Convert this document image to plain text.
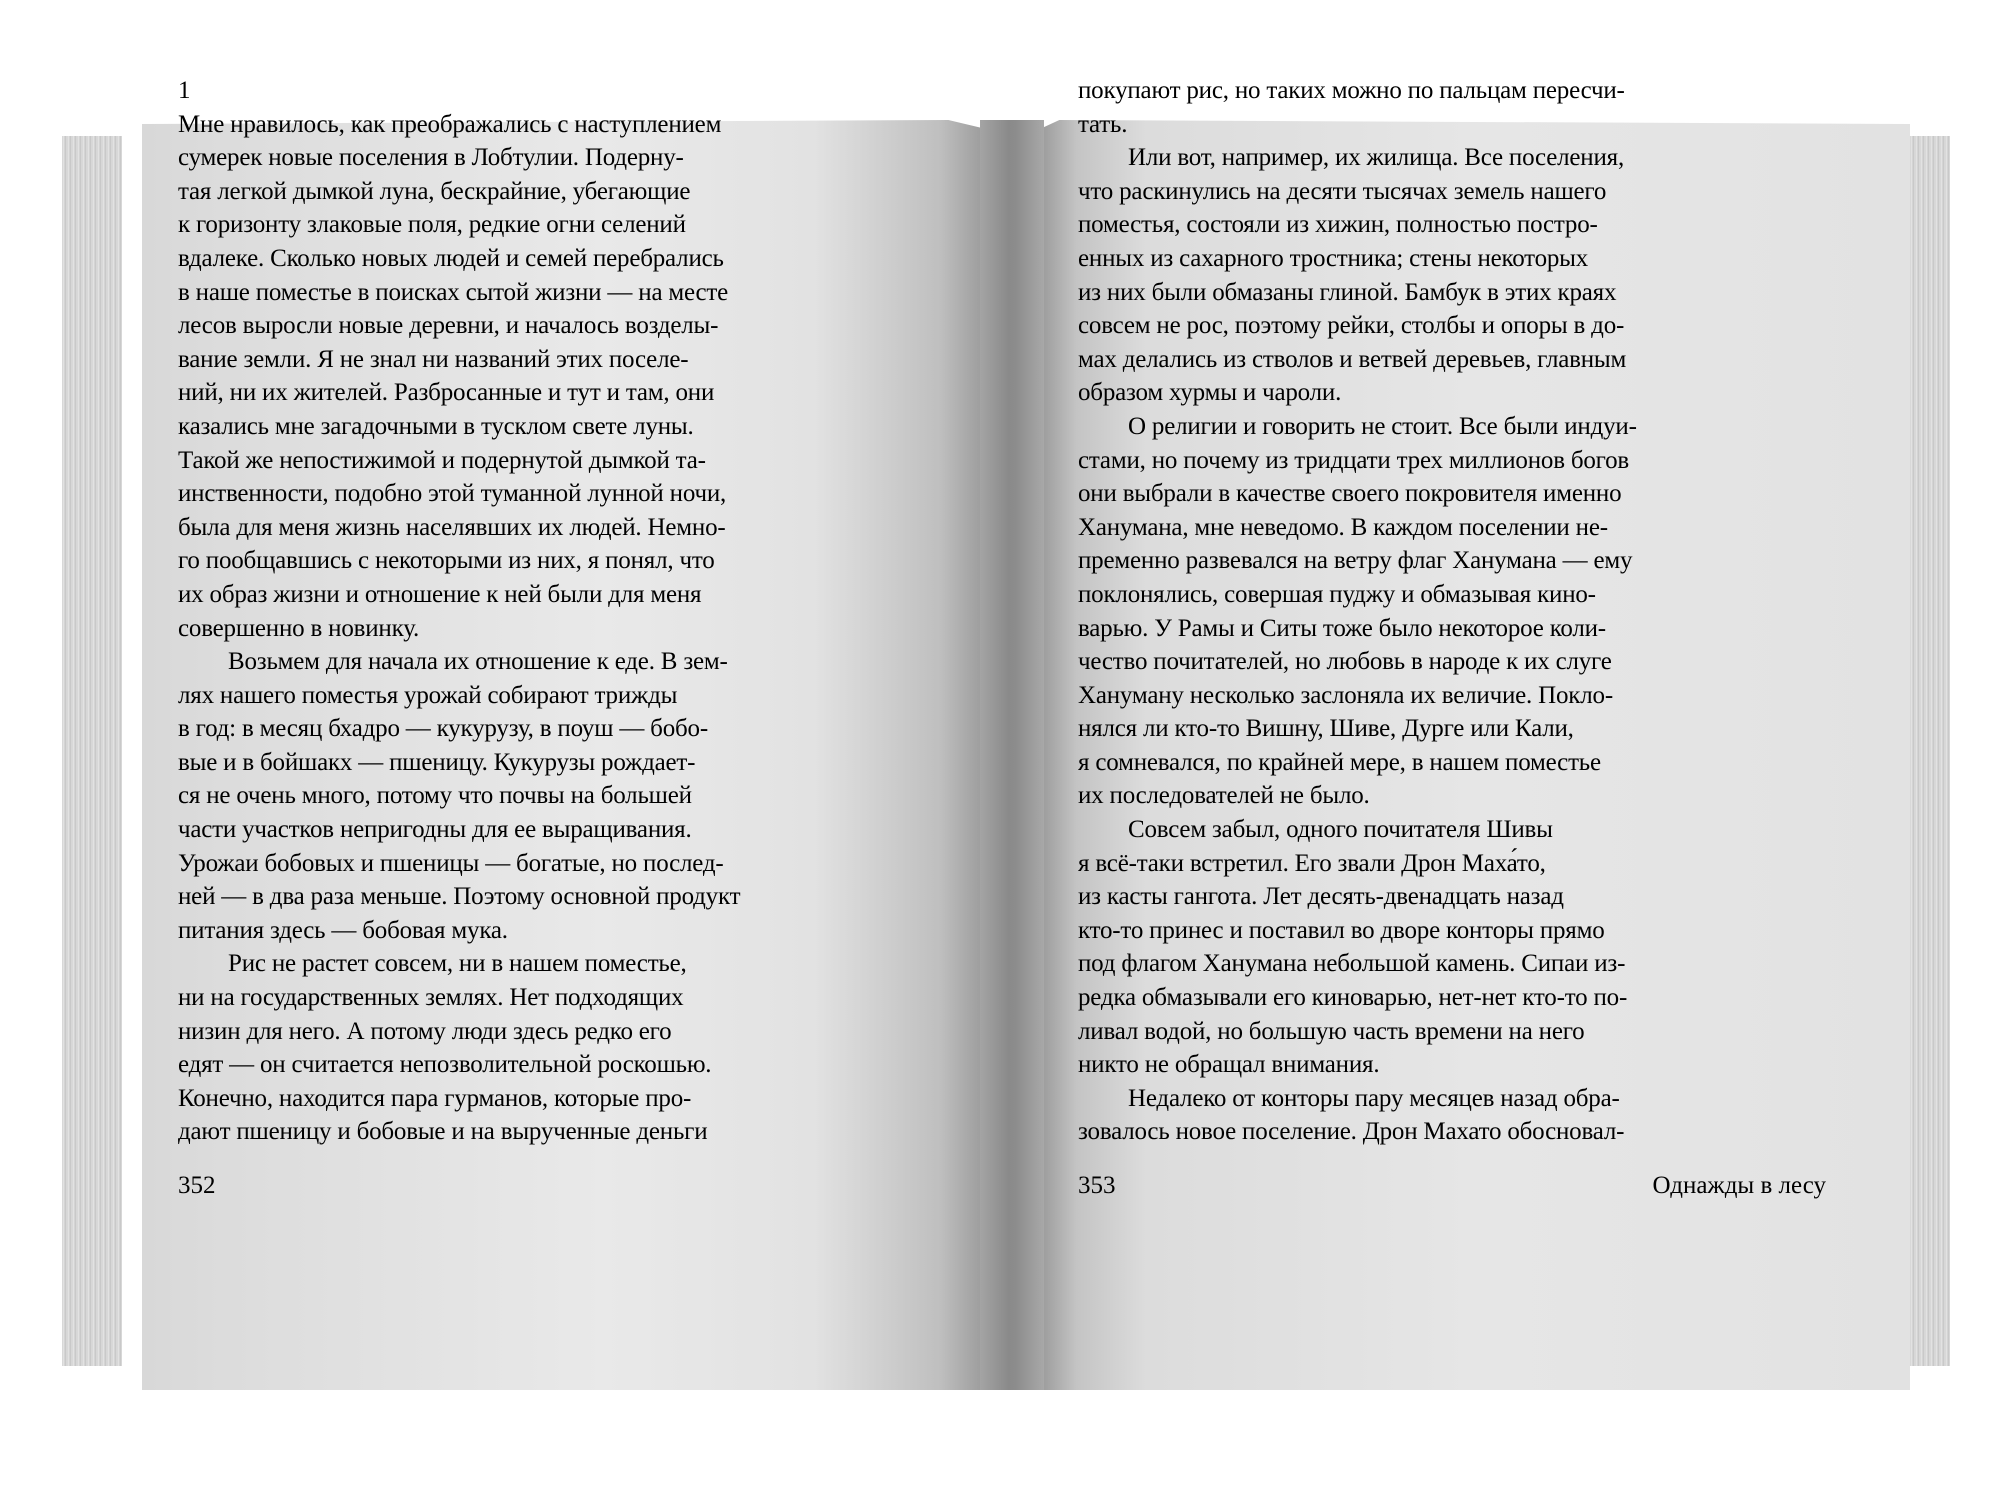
1
Мне нравилось, как преображались с наступлением
сумерек новые поселения в Лобтулии. Подерну-
тая легкой дымкой луна, бескрайние, убегающие
к горизонту злаковые поля, редкие огни селений
вдалеке. Сколько новых людей и семей перебрались
в наше поместье в поисках сытой жизни — на месте
лесов выросли новые деревни, и началось возделы-
вание земли. Я не знал ни названий этих поселе-
ний, ни их жителей. Разбросанные и тут и там, они
казались мне загадочными в тусклом свете луны.
Такой же непостижимой и подернутой дымкой та-
инственности, подобно этой туманной лунной ночи,
была для меня жизнь населявших их людей. Немно-
го пообщавшись с некоторыми из них, я понял, что
их образ жизни и отношение к ней были для меня
совершенно в новинку.
Возьмем для начала их отношение к еде. В зем-
лях нашего поместья урожай собирают трижды
в год: в месяц бхадро — кукурузу, в поуш — бобо-
вые и в бойшакх — пшеницу. Кукурузы рождает-
ся не очень много, потому что почвы на большей
части участков непригодны для ее выращивания.
Урожаи бобовых и пшеницы — богатые, но послед-
ней — в два раза меньше. Поэтому основной продукт
питания здесь — бобовая мука.
Рис не растет совсем, ни в нашем поместье,
ни на государственных землях. Нет подходящих
низин для него. А потому люди здесь редко его
едят — он считается непозволительной роскошью.
Конечно, находится пара гурманов, которые про-
дают пшеницу и бобовые и на вырученные деньги
покупают рис, но таких можно по пальцам пересчи-
тать.
Или вот, например, их жилища. Все поселения,
что раскинулись на десяти тысячах земель нашего
поместья, состояли из хижин, полностью постро-
енных из сахарного тростника; стены некоторых
из них были обмазаны глиной. Бамбук в этих краях
совсем не рос, поэтому рейки, столбы и опоры в до-
мах делались из стволов и ветвей деревьев, главным
образом хурмы и чароли.
О религии и говорить не стоит. Все были индуи-
стами, но почему из тридцати трех миллионов богов
они выбрали в качестве своего покровителя именно
Ханумана, мне неведомо. В каждом поселении не-
пременно развевался на ветру флаг Ханумана — ему
поклонялись, совершая пуджу и обмазывая кино-
варью. У Рамы и Ситы тоже было некоторое коли-
чество почитателей, но любовь в народе к их слуге
Хануману несколько заслоняла их величие. Покло-
нялся ли кто-то Вишну, Шиве, Дурге или Кали,
я сомневался, по крайней мере, в нашем поместье
их последователей не было.
Совсем забыл, одного почитателя Шивы
я всё-таки встретил. Его звали Дрон Маха́то,
из касты гангота. Лет десять-двенадцать назад
кто-то принес и поставил во дворе конторы прямо
под флагом Ханумана небольшой камень. Сипаи из-
редка обмазывали его киноварью, нет-нет кто-то по-
ливал водой, но большую часть времени на него
никто не обращал внимания.
Недалеко от конторы пару месяцев назад обра-
зовалось новое поселение. Дрон Махато обосновал-
352	353	Однажды в лесу
